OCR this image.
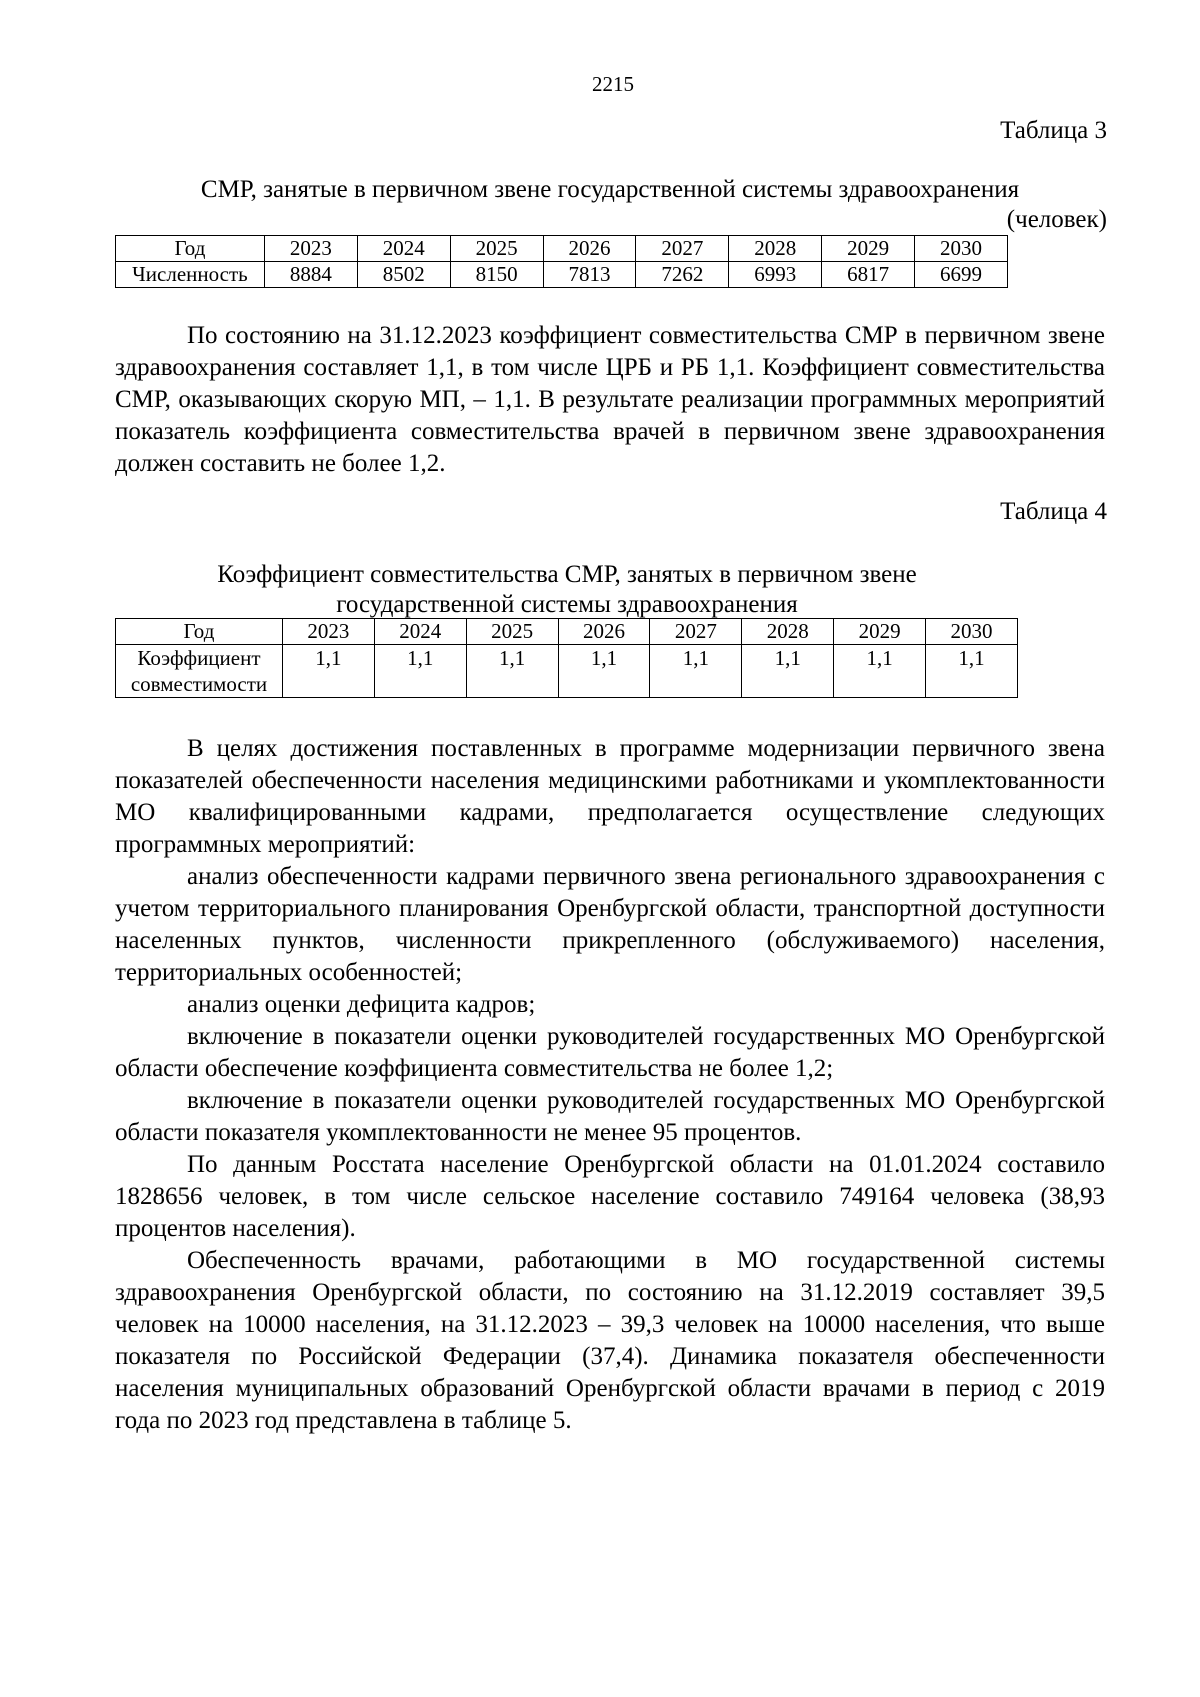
2215
Таблица 3
СМР, занятые в первичном звене государственной системы здравоохранения
(человек)
Год	2023	2024	2025	2026	2027	2028	2029	2030
Численность	8884	8502	8150	7813	7262	6993	6817	6699

По состоянию на 31.12.2023 коэффициент совместительства СМР в первичном звене здравоохранения составляет 1,1, в том числе ЦРБ и РБ 1,1. Коэффициент совместительства СМР, оказывающих скорую МП, – 1,1. В результате реализации программных мероприятий показатель коэффициента совместительства врачей в первичном звене здравоохранения должен составить не более 1,2.

Таблица 4
Коэффициент совместительства СМР, занятых в первичном звене
государственной системы здравоохранения
Год	2023	2024	2025	2026	2027	2028	2029	2030

Коэффициент
совместимости	1,1	1,1	1,1	1,1	1,1	1,1	1,1	1,1

В целях достижения поставленных в программе модернизации первичного звена показателей обеспеченности населения медицинскими работниками и укомплектованности МО квалифицированными кадрами, предполагается осуществление следующих программных мероприятий:

анализ обеспеченности кадрами первичного звена регионального здравоохранения с учетом территориального планирования Оренбургской области, транспортной доступности населенных пунктов, численности прикрепленного (обслуживаемого) населения, территориальных особенностей;

анализ оценки дефицита кадров;

включение в показатели оценки руководителей государственных МО Оренбургской области обеспечение коэффициента совместительства не более 1,2;

включение в показатели оценки руководителей государственных МО Оренбургской области показателя укомплектованности не менее 95 процентов.

По данным Росстата население Оренбургской области на 01.01.2024 составило 1828656 человек, в том числе сельское население составило 749164 человека (38,93 процентов населения).

Обеспеченность врачами, работающими в МО государственной системы здравоохранения Оренбургской области, по состоянию на 31.12.2019 составляет 39,5 человек на 10000 населения, на 31.12.2023 – 39,3 человек на 10000 населения, что выше показателя по Российской Федерации (37,4). Динамика показателя обеспеченности населения муниципальных образований Оренбургской области врачами в период с 2019 года по 2023 год представлена в таблице 5.
